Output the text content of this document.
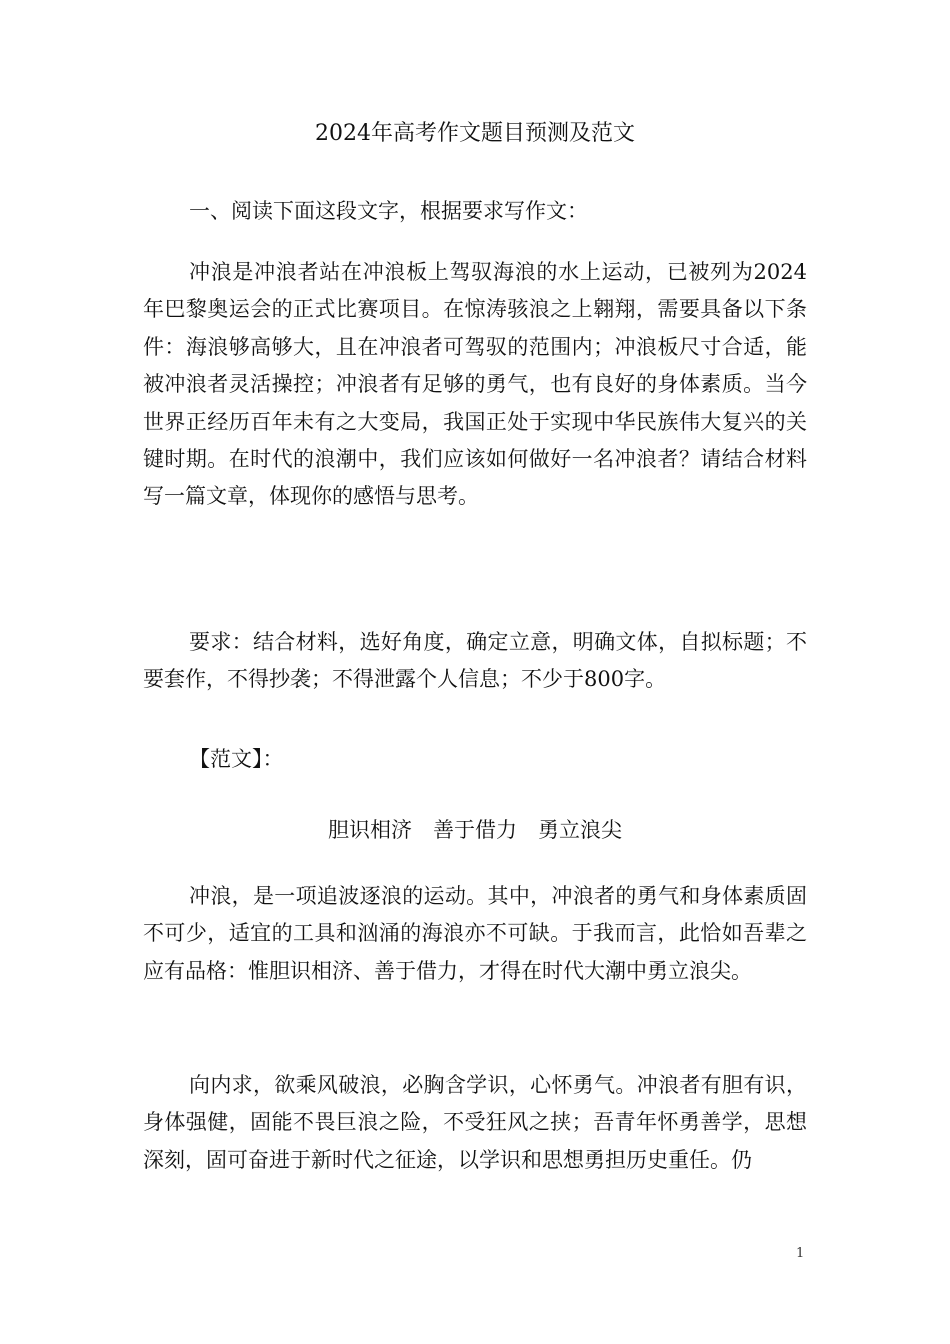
2024年高考作文题目预测及范文

一、阅读下面这段文字，根据要求写作文：

冲浪是冲浪者站在冲浪板上驾驭海浪的水上运动，已被列为2024年巴黎奥运会的正式比赛项目。在惊涛骇浪之上翱翔，需要具备以下条件：海浪够高够大，且在冲浪者可驾驭的范围内；冲浪板尺寸合适，能被冲浪者灵活操控；冲浪者有足够的勇气，也有良好的身体素质。当今世界正经历百年未有之大变局，我国正处于实现中华民族伟大复兴的关键时期。在时代的浪潮中，我们应该如何做好一名冲浪者？请结合材料写一篇文章，体现你的感悟与思考。

要求：结合材料，选好角度，确定立意，明确文体，自拟标题；不要套作，不得抄袭；不得泄露个人信息；不少于800字。

【范文】：

胆识相济　善于借力　勇立浪尖

冲浪，是一项追波逐浪的运动。其中，冲浪者的勇气和身体素质固不可少，适宜的工具和汹涌的海浪亦不可缺。于我而言，此恰如吾辈之应有品格：惟胆识相济、善于借力，才得在时代大潮中勇立浪尖。

向内求，欲乘风破浪，必胸含学识，心怀勇气。冲浪者有胆有识，身体强健，固能不畏巨浪之险，不受狂风之挟；吾青年怀勇善学，思想深刻，固可奋进于新时代之征途，以学识和思想勇担历史重任。仍

1
